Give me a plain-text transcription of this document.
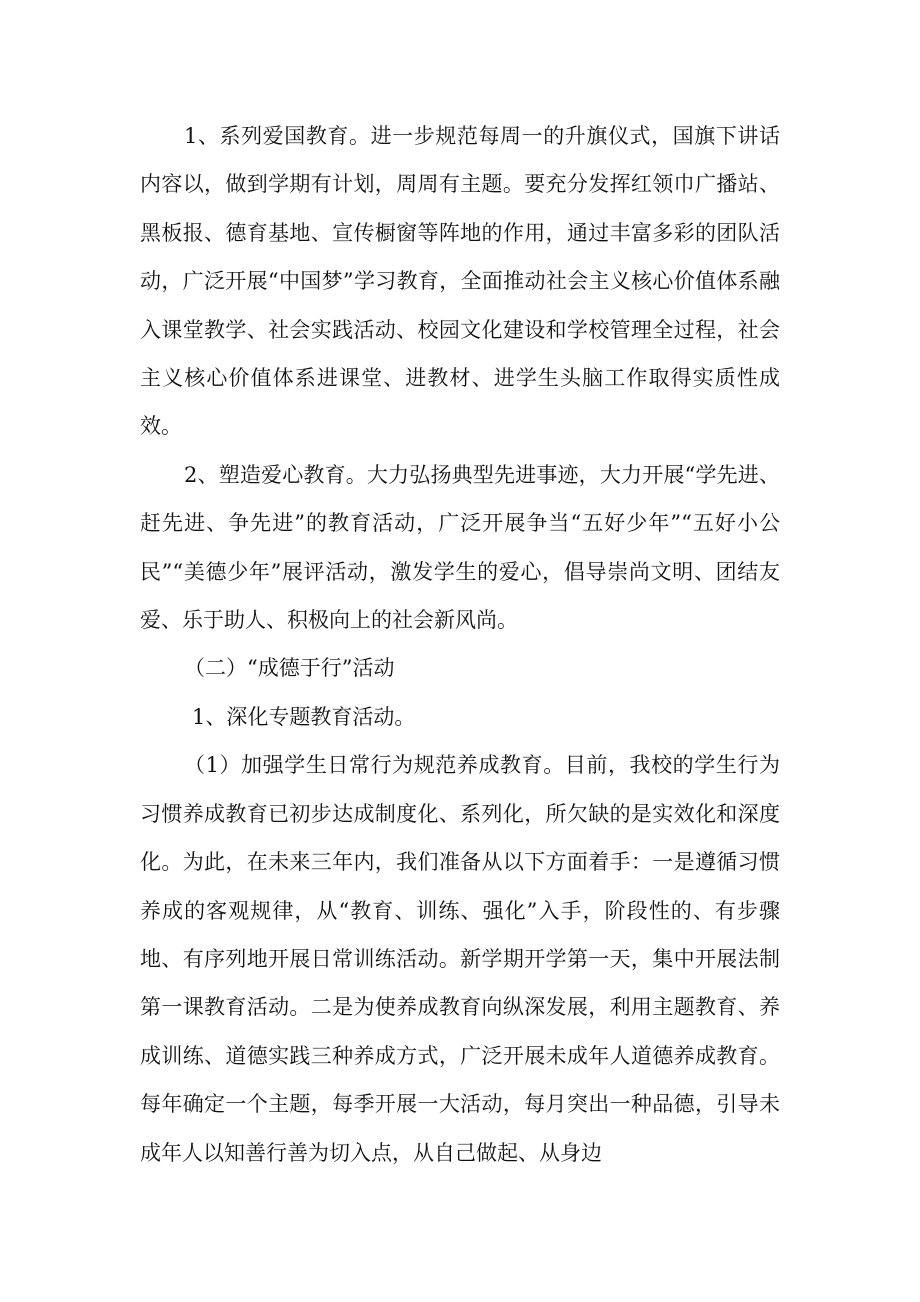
1、系列爱国教育。进一步规范每周一的升旗仪式，国旗下讲话内容以，做到学期有计划，周周有主题。要充分发挥红领巾广播站、黑板报、德育基地、宣传橱窗等阵地的作用，通过丰富多彩的团队活动，广泛开展“中国梦”学习教育，全面推动社会主义核心价值体系融入课堂教学、社会实践活动、校园文化建设和学校管理全过程，社会主义核心价值体系进课堂、进教材、进学生头脑工作取得实质性成效。

2、塑造爱心教育。大力弘扬典型先进事迹，大力开展“学先进、赶先进、争先进”的教育活动，广泛开展争当“五好少年”“五好小公民”“美德少年”展评活动，激发学生的爱心，倡导崇尚文明、团结友爱、乐于助人、积极向上的社会新风尚。

（二）“成德于行”活动

1、深化专题教育活动。

（1）加强学生日常行为规范养成教育。目前，我校的学生行为习惯养成教育已初步达成制度化、系列化，所欠缺的是实效化和深度化。为此，在未来三年内，我们准备从以下方面着手：一是遵循习惯养成的客观规律，从“教育、训练、强化”入手，阶段性的、有步骤地、有序列地开展日常训练活动。新学期开学第一天，集中开展法制第一课教育活动。二是为使养成教育向纵深发展，利用主题教育、养成训练、道德实践三种养成方式，广泛开展未成年人道德养成教育。每年确定一个主题，每季开展一大活动，每月突出一种品德，引导未成年人以知善行善为切入点，从自己做起、从身边
